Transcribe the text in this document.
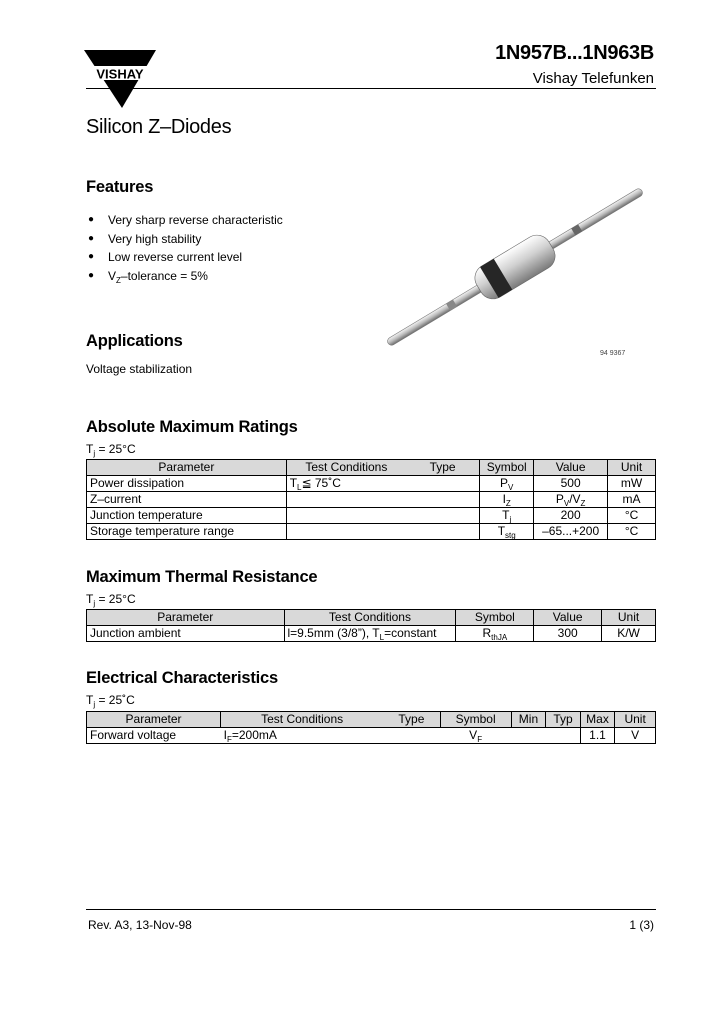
VISHAY
1N957B...1N963B
Vishay Telefunken
Silicon Z–Diodes
Features
● Very sharp reverse characteristic
● Very high stability
● Low reverse current level
● $V_Z$–tolerance = 5%
94 9367
Applications
Voltage stabilization
Absolute Maximum Ratings
$T_j = 25^\circ C$
Parameter	Test Conditions	Type	Symbol	Value	Unit
Power dissipation	$T_L≦$ 75˚C		$P_V$	500	mW
Z–current			$I_Z$	$P_V/V_Z$	mA
Junction temperature			$T_j$	200	°C
Storage temperature range			$T_{stg}$	–65...+200	°C
Maximum Thermal Resistance
$T_j = 25^\circ C$
Parameter	Test Conditions	Symbol	Value	Unit
Junction ambient	l=9.5mm (3/8”), $T_L=constant$	$R_{thJA}$	300	K/W
Electrical Characteristics
$T_j$ = 25˚C
Parameter	Test Conditions	Type	Symbol	Min	Typ	Max	Unit
Forward voltage	$I_F=200mA$		$V_F$			1.1	V
Rev. A3, 13-Nov-98	1 (3)
